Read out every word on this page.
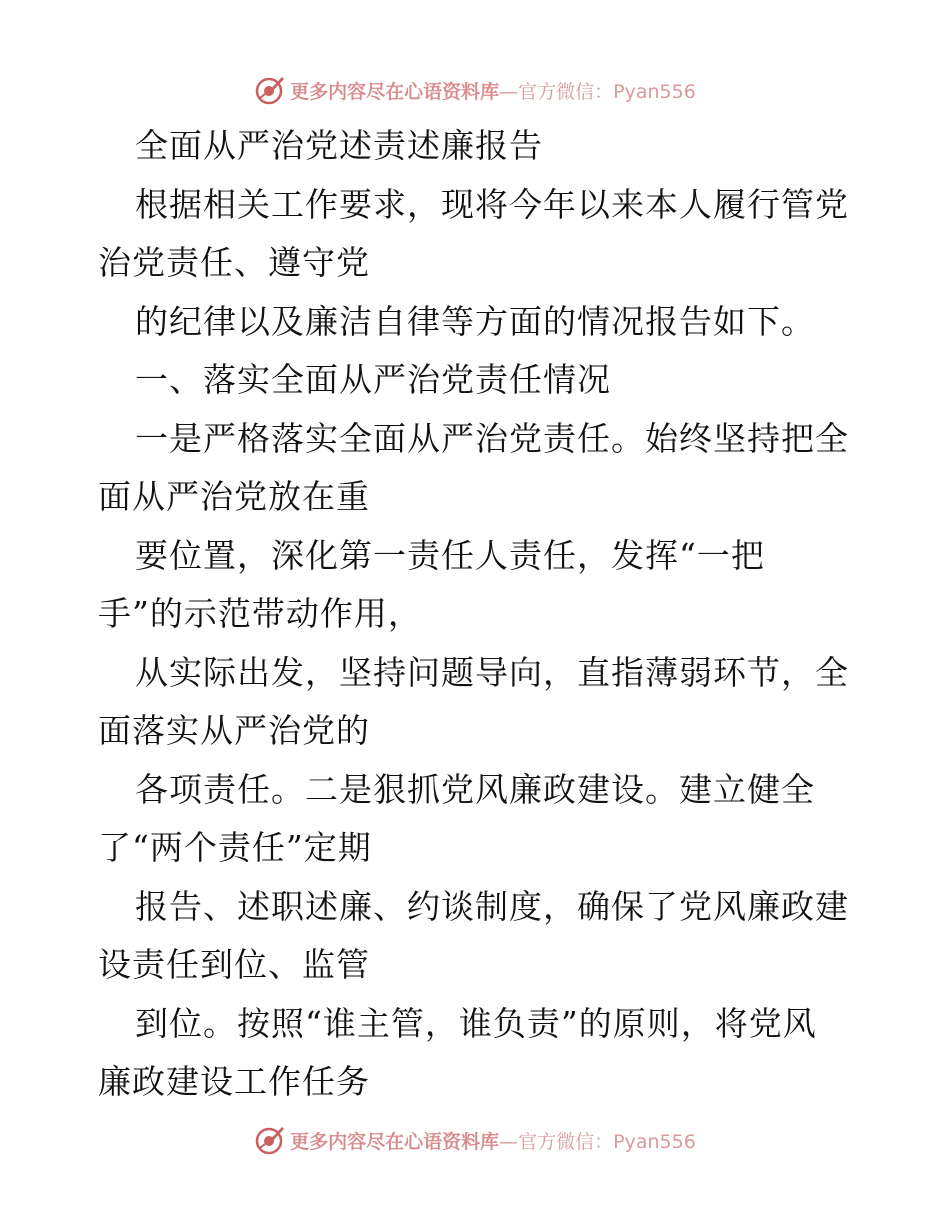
更多内容尽在心语资料库—官方微信：Pyan556
全面从严治党述责述廉报告
根据相关工作要求，现将今年以来本人履行管党
治党责任、遵守党
的纪律以及廉洁自律等方面的情况报告如下。
一、落实全面从严治党责任情况
一是严格落实全面从严治党责任。始终坚持把全
面从严治党放在重
要位置，深化第一责任人责任，发挥“一把
手”的示范带动作用，
从实际出发，坚持问题导向，直指薄弱环节，全
面落实从严治党的
各项责任。二是狠抓党风廉政建设。建立健全
了“两个责任”定期
报告、述职述廉、约谈制度，确保了党风廉政建
设责任到位、监管
到位。按照“谁主管，谁负责”的原则，将党风
廉政建设工作任务
更多内容尽在心语资料库—官方微信：Pyan556
